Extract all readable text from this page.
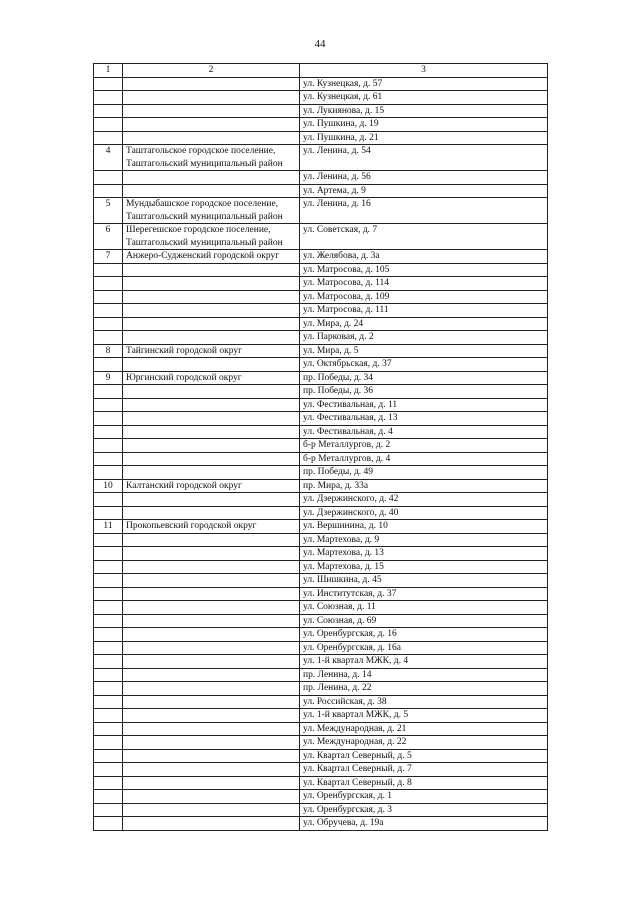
44
1	2	3
		ул. Кузнецкая, д. 57
		ул. Кузнецкая, д. 61
		ул. Лукиянова, д. 15
		ул. Пушкина, д. 19
		ул. Пушкина, д. 21
4	Таштагольское городское поселение, Таштагольский муниципальный район	ул. Ленина, д. 54
		ул. Ленина, д. 56
		ул. Артема, д. 9
5	Мундыбашское городское поселение, Таштагольский муниципальный район	ул. Ленина, д. 16
6	Шерегешское городское поселение, Таштагольский муниципальный район	ул. Советская, д. 7
7	Анжеро-Судженский городской округ	ул. Желябова, д. 3а
		ул. Матросова, д. 105
		ул. Матросова, д. 114
		ул. Матросова, д. 109
		ул. Матросова, д. 111
		ул. Мира, д. 24
		ул. Парковая, д. 2
8	Тайгинский городской округ	ул. Мира, д. 5
		ул. Октябрьская, д. 37
9	Юргинский городской округ	пр. Победы, д. 34
		пр. Победы, д. 36
		ул. Фестивальная, д. 11
		ул. Фестивальная, д. 13
		ул. Фестивальная, д. 4
		б-р Металлургов, д. 2
		б-р Металлургов, д. 4
		пр. Победы, д. 49
10	Калтанский городской округ	пр. Мира, д. 33а
		ул. Дзержинского, д. 42
		ул. Дзержинского, д. 40
11	Прокопьевский городской округ	ул. Вершинина, д. 10
		ул. Мартехова, д. 9
		ул. Мартехова, д. 13
		ул. Мартехова, д. 15
		ул. Шишкина, д. 45
		ул. Институтская, д. 37
		ул. Союзная, д. 11
		ул. Союзная, д. 69
		ул. Оренбургская, д. 16
		ул. Оренбургская, д. 16а
		ул. 1-й квартал МЖК, д. 4
		пр. Ленина, д. 14
		пр. Ленина, д. 22
		ул. Российская, д. 38
		ул. 1-й квартал МЖК, д. 5
		ул. Международная, д. 21
		ул. Международная, д. 22
		ул. Квартал Северный, д. 5
		ул. Квартал Северный, д. 7
		ул. Квартал Северный, д. 8
		ул. Оренбургская, д. 1
		ул. Оренбургская, д. 3
		ул. Обручева, д. 19а
